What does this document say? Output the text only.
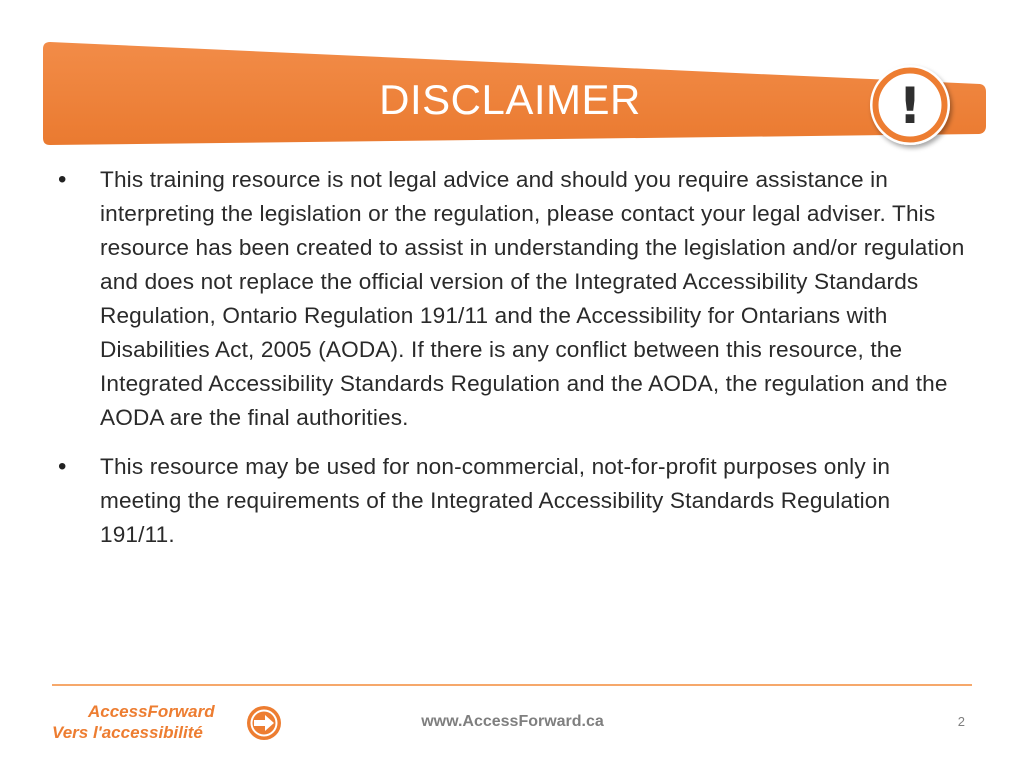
!
DISCLAIMER
•	This training resource is not legal advice and should you require assistance in interpreting the legislation or the regulation, please contact your legal adviser. This resource has been created to assist in understanding the legislation and/or regulation and does not replace the official version of the Integrated Accessibility Standards Regulation, Ontario Regulation 191/11 and the Accessibility for Ontarians with Disabilities Act, 2005 (AODA). If there is any conflict between this resource, the Integrated Accessibility Standards Regulation and the AODA, the regulation and the AODA are the final authorities.
•	This resource may be used for non-commercial, not-for-profit purposes only in meeting the requirements of the Integrated Accessibility Standards Regulation 191/11.
AccessForward
Vers l'accessibilité
www.AccessForward.ca	2
